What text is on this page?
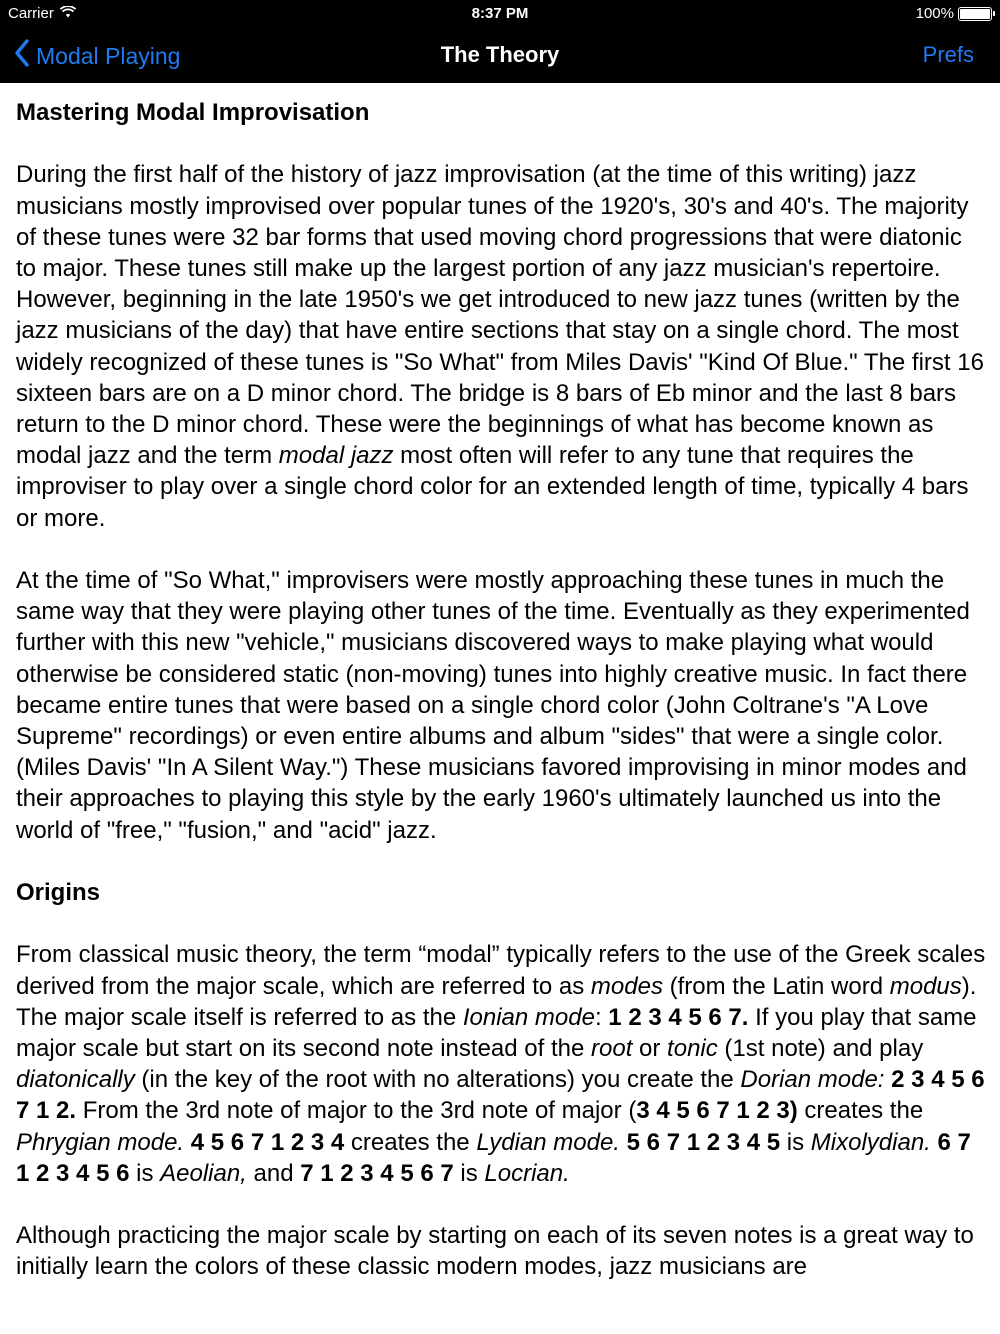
Carrier	8:37 PM	100%
Modal Playing	The Theory	Prefs
Mastering Modal Improvisation

During the first half of the history of jazz improvisation (at the time of this writing) jazz musicians mostly improvised over popular tunes of the 1920's, 30's and 40's. The majority of these tunes were 32 bar forms that used moving chord progressions that were diatonic to major. These tunes still make up the largest portion of any jazz musician's repertoire. However, beginning in the late 1950's we get introduced to new jazz tunes (written by the jazz musicians of the day) that have entire sections that stay on a single chord. The most widely recognized of these tunes is "So What" from Miles Davis' "Kind Of Blue." The first 16 sixteen bars are on a D minor chord. The bridge is 8 bars of Eb minor and the last 8 bars return to the D minor chord. These were the beginnings of what has become known as modal jazz and the term modal jazz most often will refer to any tune that requires the improviser to play over a single chord color for an extended length of time, typically 4 bars or more.

At the time of "So What," improvisers were mostly approaching these tunes in much the same way that they were playing other tunes of the time. Eventually as they experimented further with this new "vehicle," musicians discovered ways to make playing what would otherwise be considered static (non-moving) tunes into highly creative music. In fact there became entire tunes that were based on a single chord color (John Coltrane's "A Love Supreme" recordings) or even entire albums and album "sides" that were a single color. (Miles Davis' "In A Silent Way.") These musicians favored improvising in minor modes and their approaches to playing this style by the early 1960's ultimately launched us into the world of "free," "fusion," and "acid" jazz.

Origins

From classical music theory, the term “modal” typically refers to the use of the Greek scales derived from the major scale, which are referred to as modes (from the Latin word modus). The major scale itself is referred to as the Ionian mode: 1 2 3 4 5 6 7. If you play that same major scale but start on its second note instead of the root or tonic (1st note) and play diatonically (in the key of the root with no alterations) you create the Dorian mode: 2 3 4 5 6 7 1 2. From the 3rd note of major to the 3rd note of major (3 4 5 6 7 1 2 3) creates the Phrygian mode. 4 5 6 7 1 2 3 4 creates the Lydian mode. 5 6 7 1 2 3 4 5 is Mixolydian. 6 7 1 2 3 4 5 6 is Aeolian, and 7 1 2 3 4 5 6 7 is Locrian.

Although practicing the major scale by starting on each of its seven notes is a great way to initially learn the colors of these classic modern modes, jazz musicians are
